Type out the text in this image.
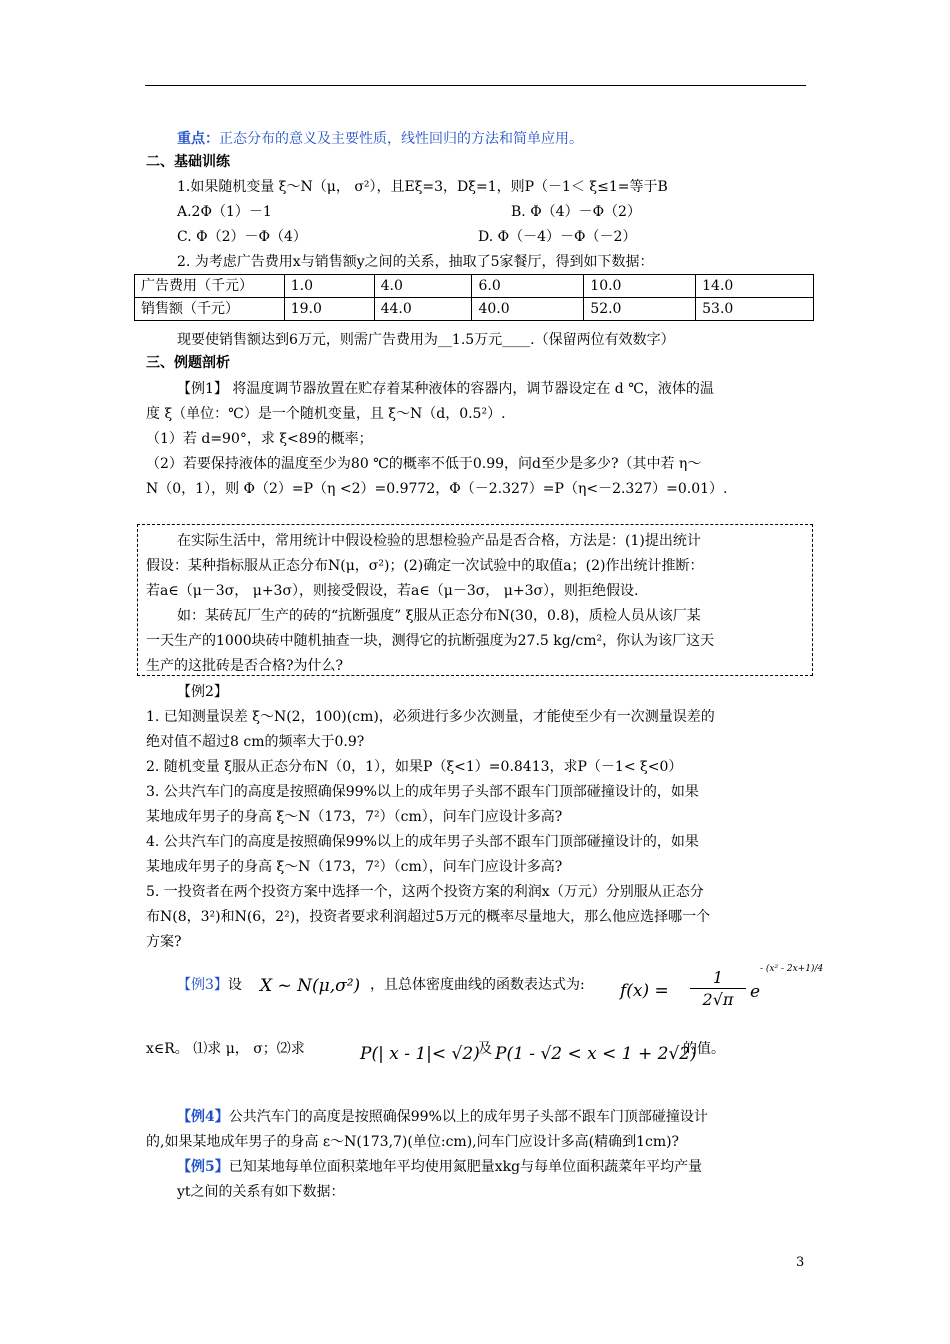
重点：正态分布的意义及主要性质，线性回归的方法和简单应用。
二、基础训练
1.如果随机变量 ξ～N（μ， σ²），且Eξ=3，Dξ=1，则P（－1＜ ξ≤1=等于B
A.2Φ（1）－1	B. Φ（4）－Φ（2）
C. Φ（2）－Φ（4）	D. Φ（－4）－Φ（－2）
2. 为考虑广告费用x与销售额y之间的关系，抽取了5家餐厅，得到如下数据：
广告费用（千元）	1.0	4.0	6.0	10.0	14.0
销售额（千元）	19.0	44.0	40.0	52.0	53.0
现要使销售额达到6万元，则需广告费用为__1.5万元____.（保留两位有效数字）
三、例题剖析
【例1】 将温度调节器放置在贮存着某种液体的容器内，调节器设定在 d ℃，液体的温
度 ξ（单位：℃）是一个随机变量，且 ξ～N（d，0.5²）.
（1）若 d=90°，求 ξ<89的概率；
（2）若要保持液体的温度至少为80 ℃的概率不低于0.99，问d至少是多少?（其中若 η～
N（0，1），则 Φ（2）=P（η <2）=0.9772，Φ（－2.327）=P（η<－2.327）=0.01）.
在实际生活中，常用统计中假设检验的思想检验产品是否合格，方法是：(1)提出统计
假设：某种指标服从正态分布N(μ，σ²)；(2)确定一次试验中的取值a；(2)作出统计推断：
若a∈（μ－3σ， μ+3σ），则接受假设，若a∈（μ－3σ， μ+3σ），则拒绝假设.
如：某砖瓦厂生产的砖的“抗断强度” ξ服从正态分布N(30，0.8)，质检人员从该厂某
一天生产的1000块砖中随机抽查一块，测得它的抗断强度为27.5 kg/cm²，你认为该厂这天
生产的这批砖是否合格?为什么?
【例2】
1. 已知测量误差 ξ～N(2，100)(cm)，必须进行多少次测量，才能使至少有一次测量误差的
绝对值不超过8 cm的频率大于0.9?
2. 随机变量 ξ服从正态分布N（0，1），如果P（ξ<1）=0.8413，求P（－1< ξ<0）
3. 公共汽车门的高度是按照确保99%以上的成年男子头部不跟车门顶部碰撞设计的，如果
某地成年男子的身高 ξ～N（173，7²）（cm），问车门应设计多高?
4. 公共汽车门的高度是按照确保99%以上的成年男子头部不跟车门顶部碰撞设计的，如果
某地成年男子的身高 ξ～N（173，7²）（cm），问车门应设计多高?
5. 一投资者在两个投资方案中选择一个，这两个投资方案的利润x（万元）分别服从正态分
布N(8，3²)和N(6，2²)，投资者要求利润超过5万元的概率尽量地大，那么他应选择哪一个
方案?
【例3】设 X ~ N(μ,σ²) ，且总体密度曲线的函数表达式为: f(x) =
1
2√π e
- (x² - 2x+1)/4
x∈R。 ⑴求 μ， σ；⑵求	P(| x - 1|< √2)
及 P(1 - √2 < x < 1 + 2√2)
的值。
【例4】公共汽车门的高度是按照确保99%以上的成年男子头部不跟车门顶部碰撞设计
的,如果某地成年男子的身高 ε～N(173,7)(单位:cm),问车门应设计多高(精确到1cm)?
【例5】已知某地每单位面积菜地年平均使用氮肥量xkg与每单位面积蔬菜年平均产量
yt之间的关系有如下数据：
3
